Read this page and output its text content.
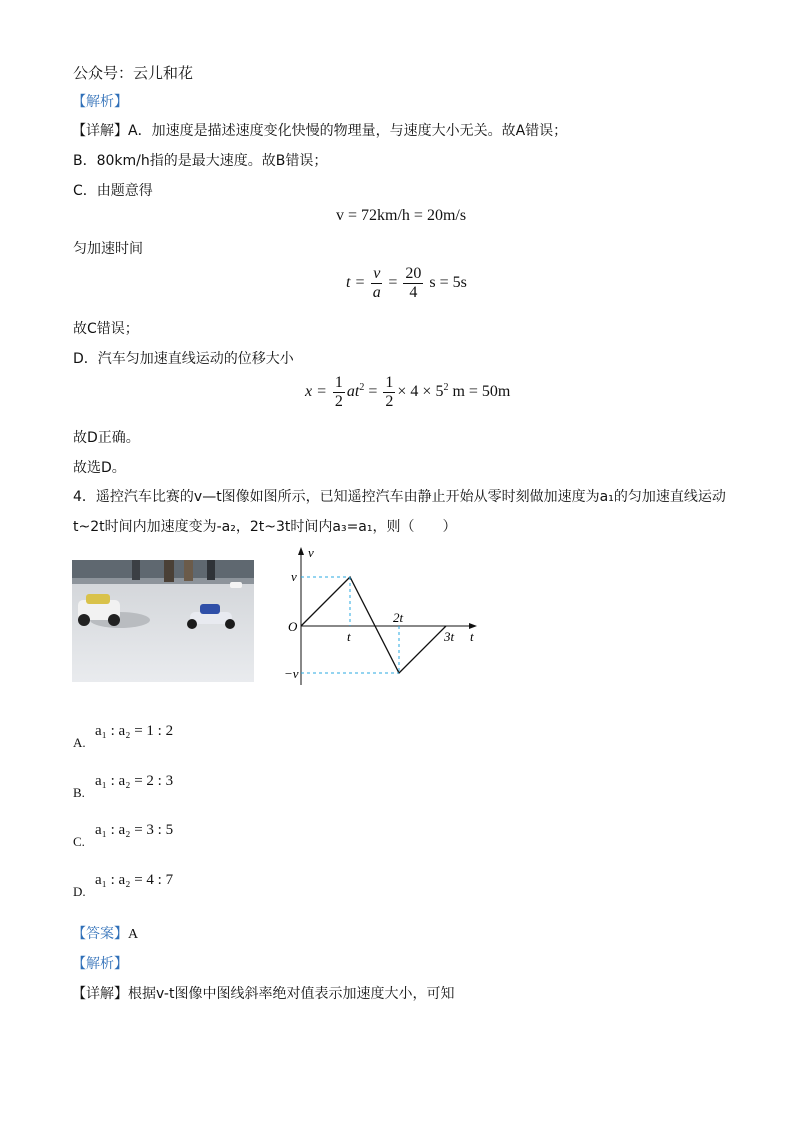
公众号：云儿和花
【解析】
【详解】A．加速度是描述速度变化快慢的物理量，与速度大小无关。故A错误；
B．80km/h指的是最大速度。故B错误；
C．由题意得
v = 72km/h = 20m/s
匀加速时间
$t = \frac{v}{a} = \frac{20}{4}$ s = 5s
故C错误；
D．汽车匀加速直线运动的位移大小
$x = \frac{1}{2} at^2 = \frac{1}{2} \times 4 \times 5^2$ m = 50m
故D正确。
故选D。
4．遥控汽车比赛的v—t图像如图所示，已知遥控汽车由静止开始从零时刻做加速度为a₁的匀加速直线运动
t~2t时间内加速度变为-a₂，2t~3t时间内a₃=a₁，则（　　）
v
t
O
v
−v
t
2t
3t
A.
a₁ : a₂ = 1 : 2
B.
a₁ : a₂ = 2 : 3
C.
a₁ : a₂ = 3 : 5
D.
a₁ : a₂ = 4 : 7
【答案】A
【解析】
【详解】根据v-t图像中图线斜率绝对值表示加速度大小，可知
